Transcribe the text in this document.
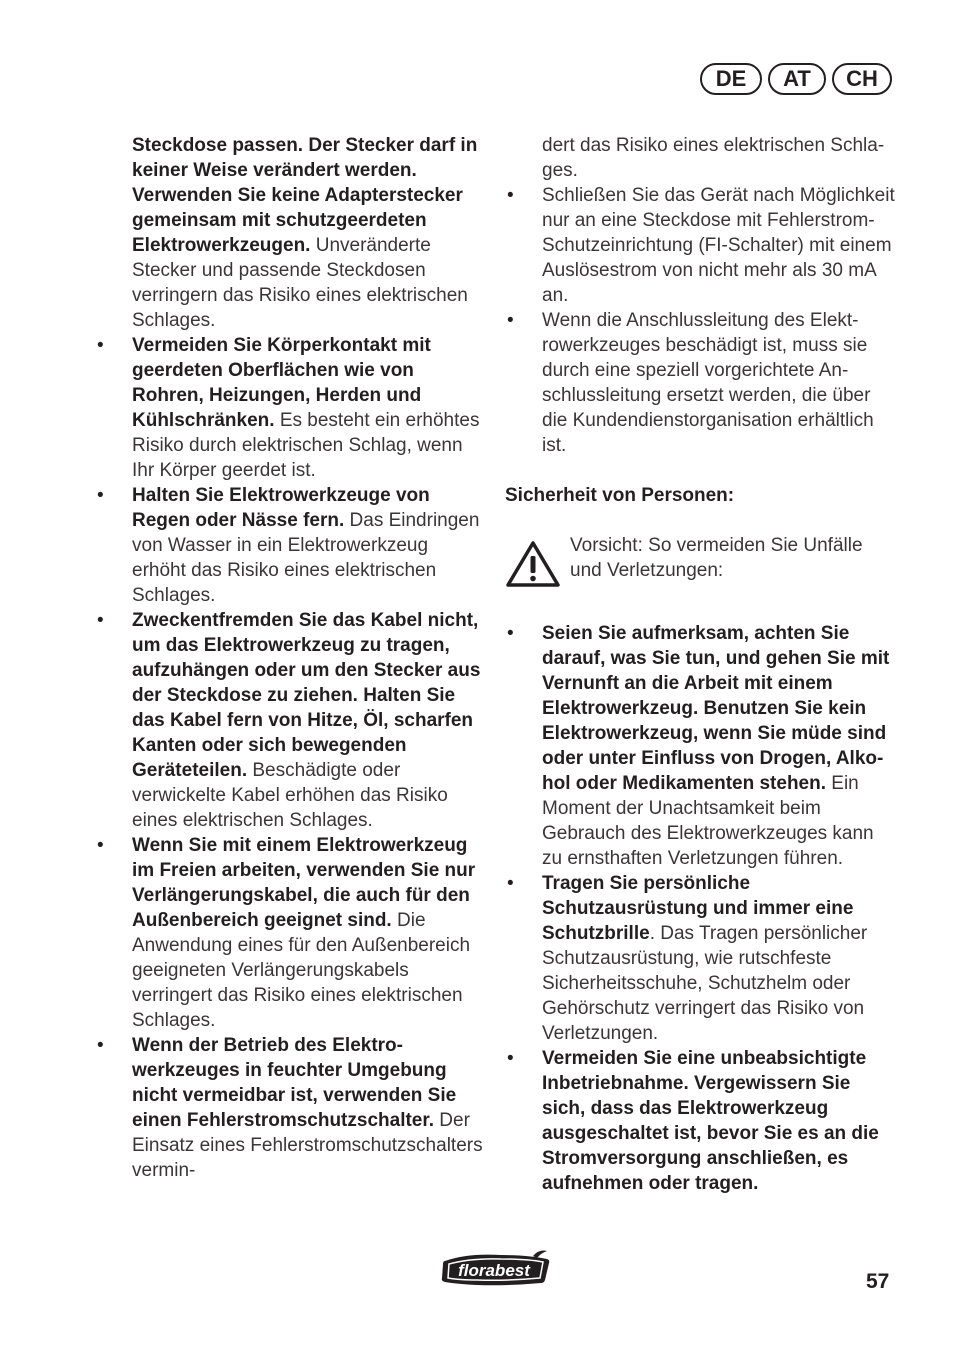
DE	AT	CH

Steckdose passen. Der Stecker darf in keiner Weise verändert werden. Verwenden Sie keine Adapterstecker gemeinsam mit schutzgeerdeten Elektrowerkzeugen. Unveränderte Stecker und passende Steckdosen verringern das Risiko eines elektrischen Schlages.

• Vermeiden Sie Körperkontakt mit geerdeten Oberflächen wie von Rohren, Heizungen, Herden und Kühlschränken. Es besteht ein erhöhtes Risiko durch elektrischen Schlag, wenn Ihr Körper geerdet ist.

• Halten Sie Elektrowerkzeuge von Regen oder Nässe fern. Das Eindringen von Wasser in ein Elektrowerkzeug erhöht das Risiko eines elektrischen Schlages.

• Zweckentfremden Sie das Kabel nicht, um das Elektrowerkzeug zu tragen, aufzuhängen oder um den Stecker aus der Steckdose zu ziehen. Halten Sie das Kabel fern von Hitze, Öl, scharfen Kanten oder sich bewegenden Geräteteilen. Beschädigte oder verwickelte Kabel erhöhen das Risiko eines elektrischen Schlages.

• Wenn Sie mit einem Elektrowerkzeug im Freien arbeiten, verwenden Sie nur Verlängerungskabel, die auch für den Außenbereich geeignet sind. Die Anwendung eines für den Außenbereich geeigneten Verlängerungskabels verringert das Risiko eines elektrischen Schlages.

• Wenn der Betrieb des Elektrowerkzeuges in feuchter Umgebung nicht vermeidbar ist, verwenden Sie einen Fehlerstromschutzschalter. Der Einsatz eines Fehlerstromschutzschalters vermin-

dert das Risiko eines elektrischen Schlages.

• Schließen Sie das Gerät nach Möglichkeit nur an eine Steckdose mit Fehlerstrom-Schutzeinrichtung (FI-Schalter) mit einem Auslösestrom von nicht mehr als 30 mA an.

• Wenn die Anschlussleitung des Elektrowerkzeuges beschädigt ist, muss sie durch eine speziell vorgerichtete Anschlussleitung ersetzt werden, die über die Kundendienstorganisation erhältlich ist.

Sicherheit von Personen:

Vorsicht: So vermeiden Sie Unfälle und Verletzungen:

• Seien Sie aufmerksam, achten Sie darauf, was Sie tun, und gehen Sie mit Vernunft an die Arbeit mit einem Elektrowerkzeug. Benutzen Sie kein Elektrowerkzeug, wenn Sie müde sind oder unter Einfluss von Drogen, Alkohol oder Medikamenten stehen. Ein Moment der Unachtsamkeit beim Gebrauch des Elektrowerkzeuges kann zu ernsthaften Verletzungen führen.

• Tragen Sie persönliche Schutzausrüstung und immer eine Schutzbrille. Das Tragen persönlicher Schutzausrüstung, wie rutschfeste Sicherheitsschuhe, Schutzhelm oder Gehörschutz verringert das Risiko von Verletzungen.

• Vermeiden Sie eine unbeabsichtigte Inbetriebnahme. Vergewissern Sie sich, dass das Elektrowerkzeug ausgeschaltet ist, bevor Sie es an die Stromversorgung anschließen, es aufnehmen oder tragen.

florabest	57
